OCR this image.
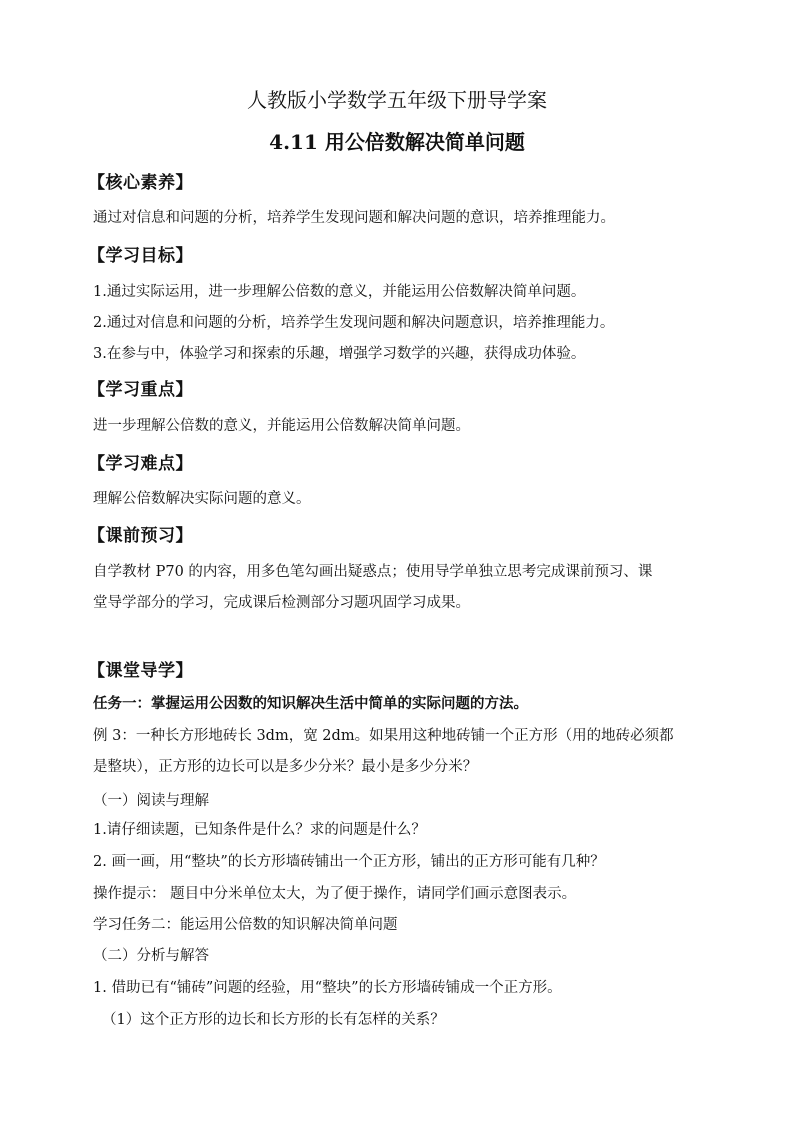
人教版小学数学五年级下册导学案
4.11 用公倍数解决简单问题
【核心素养】
通过对信息和问题的分析，培养学生发现问题和解决问题的意识，培养推理能力。
【学习目标】
1.通过实际运用，进一步理解公倍数的意义，并能运用公倍数解决简单问题。
2.通过对信息和问题的分析，培养学生发现问题和解决问题意识，培养推理能力。
3.在参与中，体验学习和探索的乐趣，增强学习数学的兴趣，获得成功体验。
【学习重点】
进一步理解公倍数的意义，并能运用公倍数解决简单问题。
【学习难点】
理解公倍数解决实际问题的意义。
【课前预习】
自学教材 P70 的内容，用多色笔勾画出疑惑点；使用导学单独立思考完成课前预习、课
堂导学部分的学习，完成课后检测部分习题巩固学习成果。
【课堂导学】
任务一：掌握运用公因数的知识解决生活中简单的实际问题的方法。
例 3：一种长方形地砖长 3dm，宽 2dm。如果用这种地砖铺一个正方形（用的地砖必须都
是整块），正方形的边长可以是多少分米？最小是多少分米？
（一）阅读与理解
1.请仔细读题，已知条件是什么？求的问题是什么？
2. 画一画，用“整块”的长方形墙砖铺出一个正方形，铺出的正方形可能有几种？
操作提示： 题目中分米单位太大，为了便于操作，请同学们画示意图表示。
学习任务二：能运用公倍数的知识解决简单问题
（二）分析与解答
1. 借助已有“铺砖”问题的经验，用“整块”的长方形墙砖铺成一个正方形。
（1）这个正方形的边长和长方形的长有怎样的关系？
